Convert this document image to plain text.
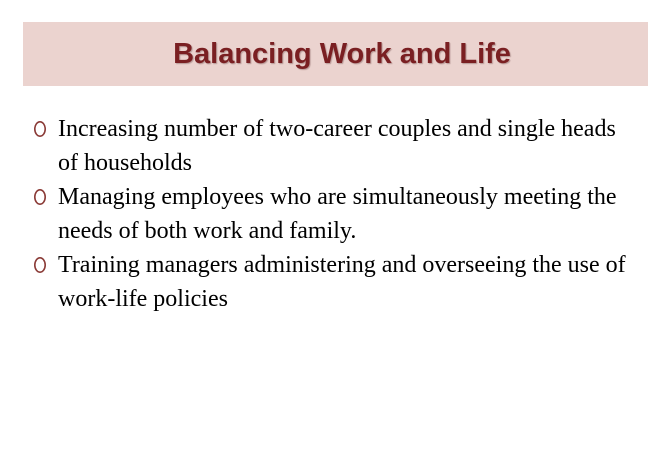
Balancing Work and Life
Increasing number of two-career couples and single heads of households
Managing employees who are simultaneously meeting the needs of both work and family.
Training managers administering and overseeing the use of work-life policies
